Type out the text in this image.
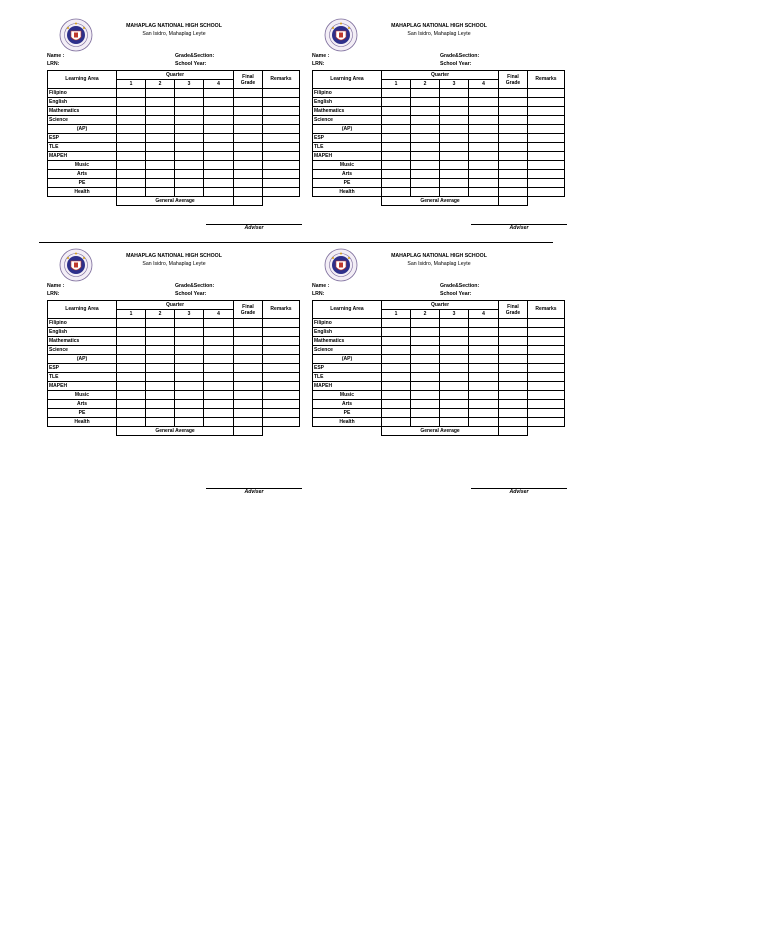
MAHAPLAG NATIONAL HIGH SCHOOL
San Isidro, Mahaplag Leyte
Name :	Grade&Section:
LRN:	School Year:
Learning Area	Quarter				Final Grade	Remarks
	1	2	3	4		
Filipino						
English						
Mathematics						
Science						
(AP)						
ESP						
TLE						
MAPEH						
Music						
Arts						
PE						
Health						
	General Average					
MAHAPLAG NATIONAL HIGH SCHOOL
San Isidro, Mahaplag Leyte
Name :	Grade&Section:
LRN:	School Year:
Learning Area	Quarter				Final Grade	Remarks
	1	2	3	4		
Filipino						
English						
Mathematics						
Science						
(AP)						
ESP						
TLE						
MAPEH						
Music						
Arts						
PE						
Health						
	General Average					
MAHAPLAG NATIONAL HIGH SCHOOL
San Isidro, Mahaplag Leyte
Name :	Grade&Section:
LRN:	School Year:
Learning Area	Quarter				Final Grade	Remarks
	1	2	3	4		
Filipino						
English						
Mathematics						
Science						
(AP)						
ESP						
TLE						
MAPEH						
Music						
Arts						
PE						
Health						
	General Average					
MAHAPLAG NATIONAL HIGH SCHOOL
San Isidro, Mahaplag Leyte
Name :	Grade&Section:
LRN:	School Year:
Learning Area	Quarter				Final Grade	Remarks
	1	2	3	4		
Filipino						
English						
Mathematics						
Science						
(AP)						
ESP						
TLE						
MAPEH						
Music						
Arts						
PE						
Health						
	General Average					
Adviser	Adviser
Adviser	Adviser
